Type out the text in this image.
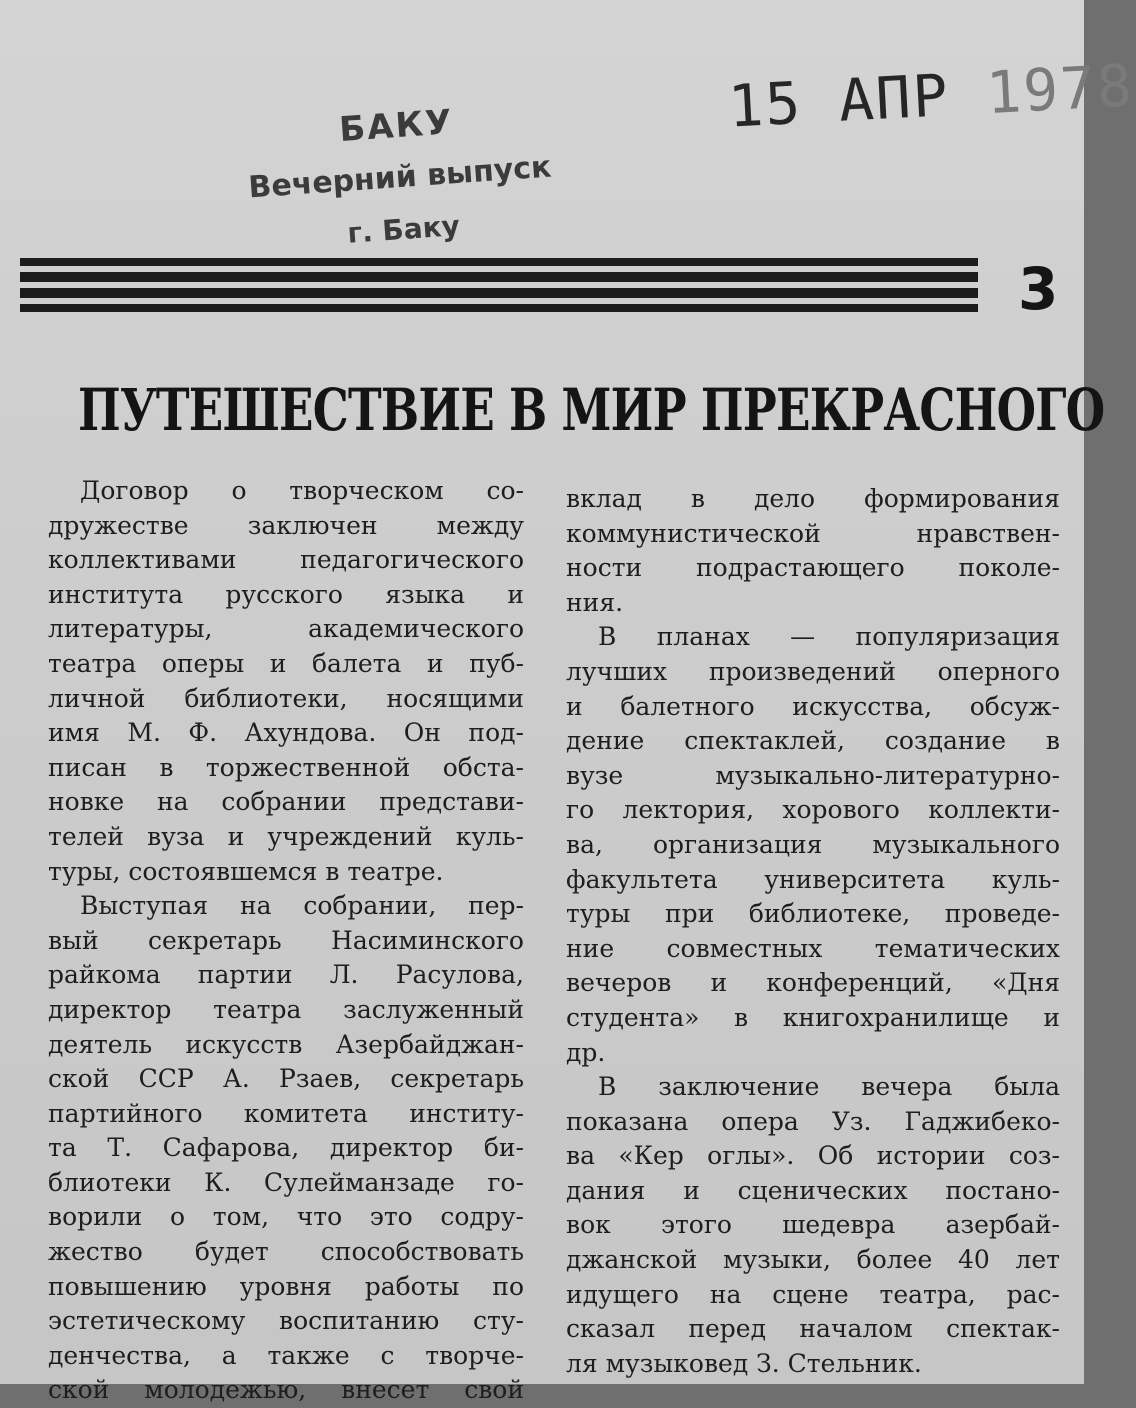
БАКУ
Вечерний выпуск
г. Баку
15 АПР 1978
3
ПУТЕШЕСТВИЕ В МИР ПРЕКРАСНОГО
Договор о творческом со-
дружестве заключен между
коллективами педагогического
института русского языка и
литературы, академического
театра оперы и балета и пуб-
личной библиотеки, носящими
имя М. Ф. Ахундова. Он под-
писан в торжественной обста-
новке на собрании представи-
телей вуза и учреждений куль-
туры, состоявшемся в театре.
Выступая на собрании, пер-
вый секретарь Насиминского
райкома партии Л. Расулова,
директор театра заслуженный
деятель искусств Азербайджан-
ской ССР А. Рзаев, секретарь
партийного комитета институ-
та Т. Сафарова, директор би-
блиотеки К. Сулейманзаде го-
ворили о том, что это содру-
жество будет способствовать
повышению уровня работы по
эстетическому воспитанию сту-
денчества, а также с творче-
ской молодежью, внесет свой
вклад в дело формирования
коммунистической нравствен-
ности подрастающего поколе-
ния.
В планах — популяризация
лучших произведений оперного
и балетного искусства, обсуж-
дение спектаклей, создание в
вузе музыкально-литературно-
го лектория, хорового коллекти-
ва, организация музыкального
факультета университета куль-
туры при библиотеке, проведе-
ние совместных тематических
вечеров и конференций, «Дня
студента» в книгохранилище и
др.
В заключение вечера была
показана опера Уз. Гаджибеко-
ва «Кер оглы». Об истории соз-
дания и сценических постано-
вок этого шедевра азербай-
джанской музыки, более 40 лет
идущего на сцене театра, рас-
сказал перед началом спектак-
ля музыковед З. Стельник.
